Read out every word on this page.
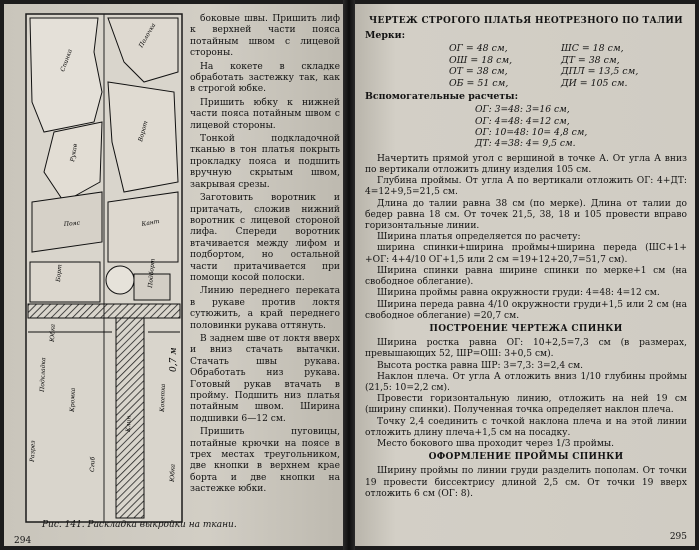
Спинка
Полочка
Рукав
Ворот
Пояс	Кант
Борт	Подборт
Подкладка
Кромка
Сгиб
Разрез
Кокетка
Юбка
Клин
Юбка
0,7 м
Рис. 141. Раскладка выкройки на ткани.
294

боковые швы. Пришить лиф к верхней части пояса потайным швом с лицевой стороны.

На кокете в складке обработать застежку так, как в строгой юбке.

Пришить юбку к нижней части пояса потайным швом с лицевой стороны.

Тонкой подкладочной тканью в тон платья покрыть прокладку пояса и подшить вручную скрытым швом, закрывая срезы.

Заготовить воротник и притачать, сложив нижний воротник с лицевой стороной лифа. Спереди воротник втачивается между лифом и подбортом, но остальной части притачивается при помощи косой полоски.

Линию переднего переката в рукаве против локтя сутюжить, а край переднего половинки рукава оттянуть.

В заднем шве от локтя вверх и вниз стачать вытачки. Стачать швы рукава. Обработать низ рукава. Готовый рукав втачать в пройму. Подшить низ платья потайным швом. Ширина подшивки 6—12 см.

Пришить пуговицы, потайные крючки на поясе в трех местах треугольником, две кнопки в верхнем крае борта и две кнопки на застежке юбки.

ЧЕРТЕЖ СТРОГОГО ПЛАТЬЯ НЕОТРЕЗНОГО ПО ТАЛИИ
Мерки:
ОГ = 48 см,	ШС = 18 см,
ОШ = 18 см,	ДТ = 38 см,
ОТ = 38 см,	ДПЛ = 13,5 см,
ОБ = 51 см,	ДИ = 105 см.
Вспомогательные расчеты:
ОГ: 3=48: 3=16 см,
ОГ: 4=48: 4=12 см,
ОГ: 10=48: 10= 4,8 см,
ДТ: 4=38: 4= 9,5 см.

Начертить прямой угол с вершиной в точке А. От угла А вниз по вертикали отложить длину изделия 105 см.

Глубина проймы. От угла А по вертикали отложить ОГ: 4+ДТ: 4=12+9,5=21,5 см.

Длина до талии равна 38 см (по мерке). Длина от талии до бедер равна 18 см. От точек 21,5, 38, 18 и 105 провести вправо горизонтальные линии.

Ширина платья определяется по расчету:

ширина спинки+ширина проймы+ширина переда (ШС+1+ +ОГ: 4+4/10 ОГ+1,5 или 2 см =19+12+20,7=51,7 см).

Ширина спинки равна ширине спинки по мерке+1 см (на свободное облегание).

Ширина проймы равна окружности груди: 4=48: 4=12 см.

Ширина переда равна 4/10 окружности груди+1,5 или 2 см (на свободное облегание) =20,7 см.

ПОСТРОЕНИЕ ЧЕРТЕЖА СПИНКИ

Ширина ростка равна ОГ: 10+2,5=7,3 см (в размерах, превышающих 52, ШР=ОШ: 3+0,5 см).

Высота ростка равна ШР: 3=7,3: 3=2,4 см.

Наклон плеча. От угла А отложить вниз 1/10 глубины проймы (21,5: 10=2,2 см).

Провести горизонтальную линию, отложить на ней 19 см (ширину спинки). Полученная точка определяет наклон плеча.

Точку 2,4 соединить с точкой наклона плеча и на этой линии отложить длину плеча+1,5 см на посадку.

Место бокового шва проходит через 1/3 проймы.

ОФОРМЛЕНИЕ ПРОЙМЫ СПИНКИ

Ширину проймы по линии груди разделить пополам. От точки 19 провести биссектрису длиной 2,5 см. От точки 19 вверх отложить 6 см (ОГ: 8).

295
